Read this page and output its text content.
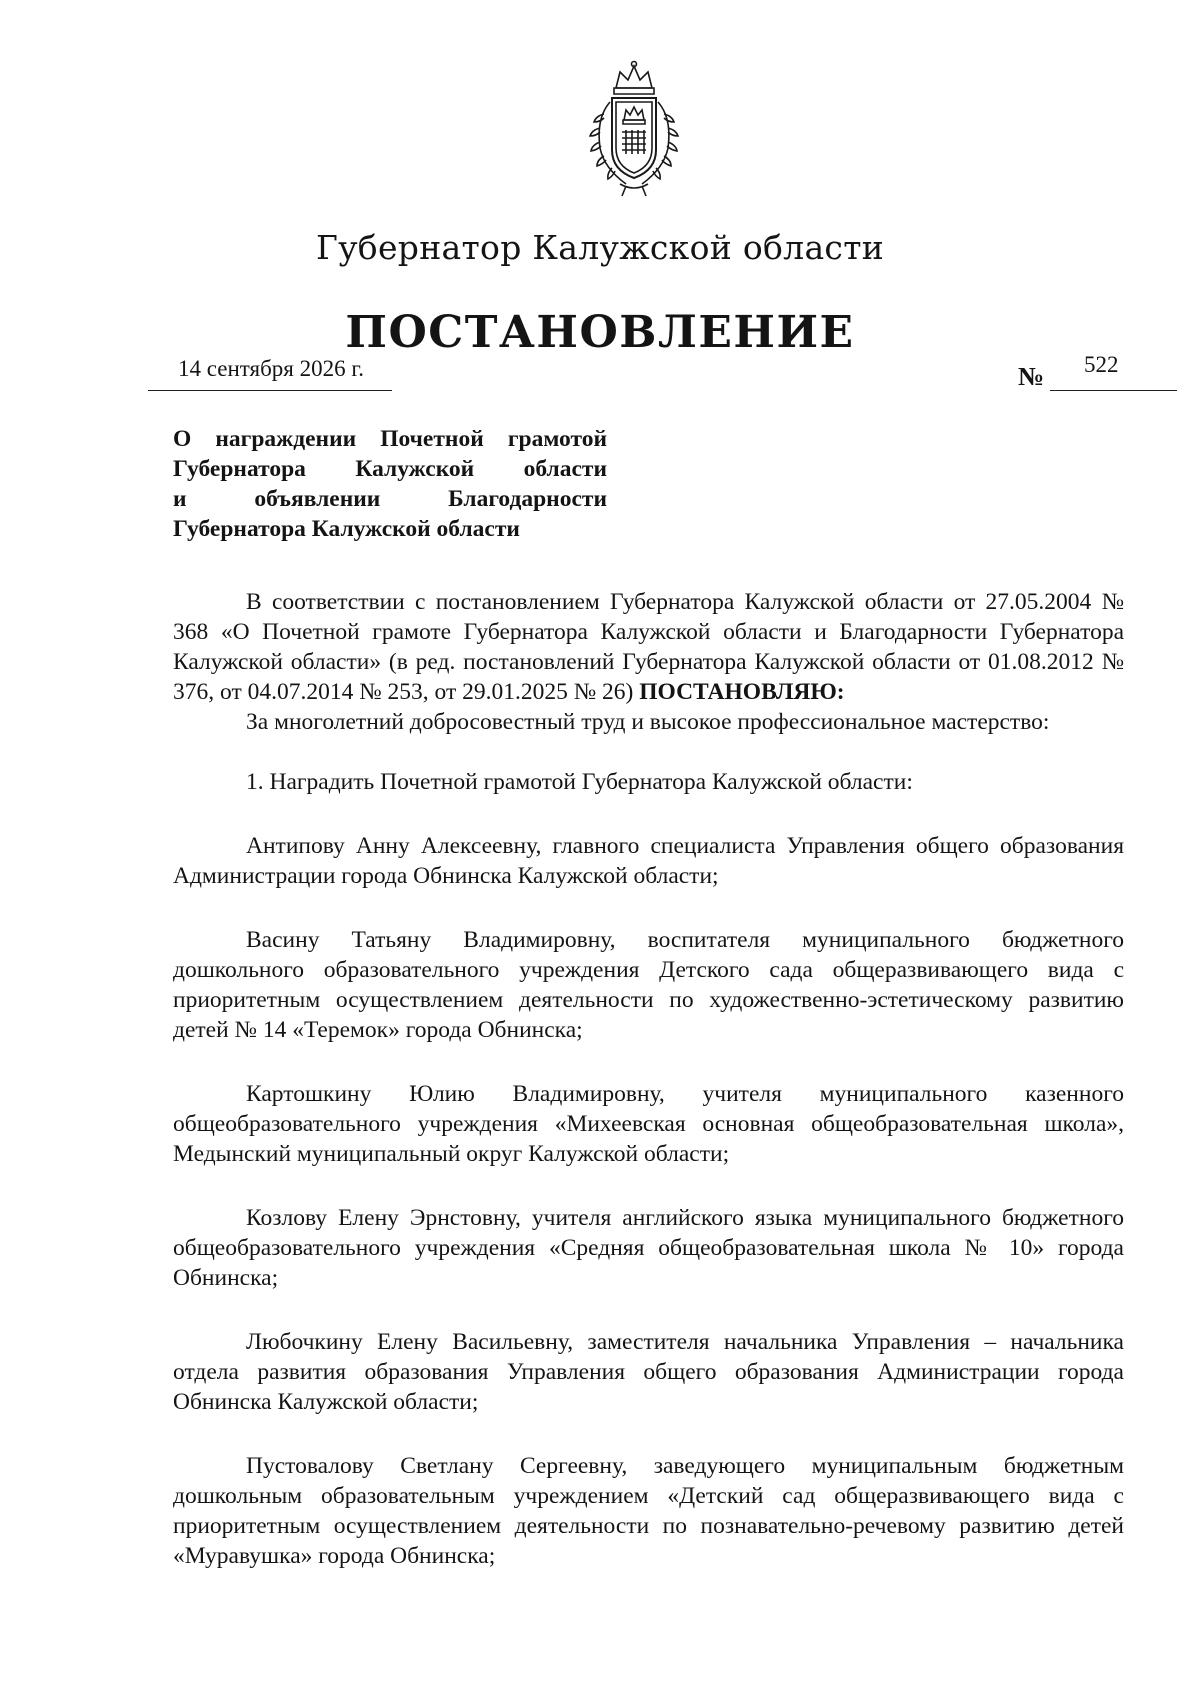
Губернатор Калужской области
ПОСТАНОВЛЕНИЕ
14 сентября 2026 г.	№ 522
О награждении Почетной грамотой
Губернатора Калужской области
и объявлении Благодарности
Губернатора Калужской области

В соответствии с постановлением Губернатора Калужской области от 27.05.2004 № 368 «О Почетной грамоте Губернатора Калужской области и Благодарности Губернатора Калужской области» (в ред. постановлений Губернатора Калужской области от 01.08.2012 № 376, от 04.07.2014 № 253, от 29.01.2025 № 26) ПОСТАНОВЛЯЮ:

За многолетний добросовестный труд и высокое профессиональное мастерство:

1. Наградить Почетной грамотой Губернатора Калужской области:

Антипову Анну Алексеевну, главного специалиста Управления общего образования Администрации города Обнинска Калужской области;

Васину Татьяну Владимировну, воспитателя муниципального бюджетного дошкольного образовательного учреждения Детского сада общеразвивающего вида с приоритетным осуществлением деятельности по художественно-эстетическому развитию детей № 14 «Теремок» города Обнинска;

Картошкину Юлию Владимировну, учителя муниципального казенного общеобразовательного учреждения «Михеевская основная общеобразовательная школа», Медынский муниципальный округ Калужской области;

Козлову Елену Эрнстовну, учителя английского языка муниципального бюджетного общеобразовательного учреждения «Средняя общеобразовательная школа № 10» города Обнинска;

Любочкину Елену Васильевну, заместителя начальника Управления – начальника отдела развития образования Управления общего образования Администрации города Обнинска Калужской области;

Пустовалову Светлану Сергеевну, заведующего муниципальным бюджетным дошкольным образовательным учреждением «Детский сад общеразвивающего вида с приоритетным осуществлением деятельности по познавательно-речевому развитию детей «Муравушка» города Обнинска;
